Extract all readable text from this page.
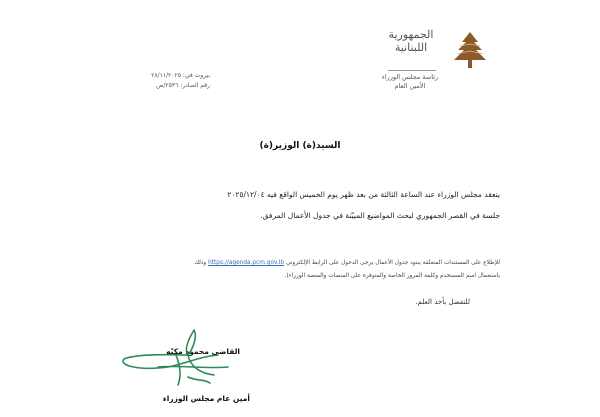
الجمهورية
اللبنانية
رئاسة مجلس الوزراء
الأمين العام
بيروت في: ٢٨/١١/٢٠٢٥
رقم الصادر: ٢٥٣٦/ص
السيد(ة) الوزير(ة)
ينعقد مجلس الوزراء عند الساعة الثالثة من بعد ظهر يوم الخميس الواقع فيه ٢٠٢٥/١٢/٠٤
جلسة في القصر الجمهوري لبحث المواضيع المبيّنة في جدول الأعمال المرفق.
للإطلاع على المستندات المتعلقة ببنود جدول الأعمال يرجى الدخول على الرابط الإلكتروني https://agenda.pcm.gov.lb وذلك
باستعمال اسم المستخدم وكلمة المرور الخاصة والمتوفرة على المنصات والمنصة الوزراء).
للتفضل بأخذ العلم.
القاضي محمود مكيّه
أمين عام مجلس الوزراء
